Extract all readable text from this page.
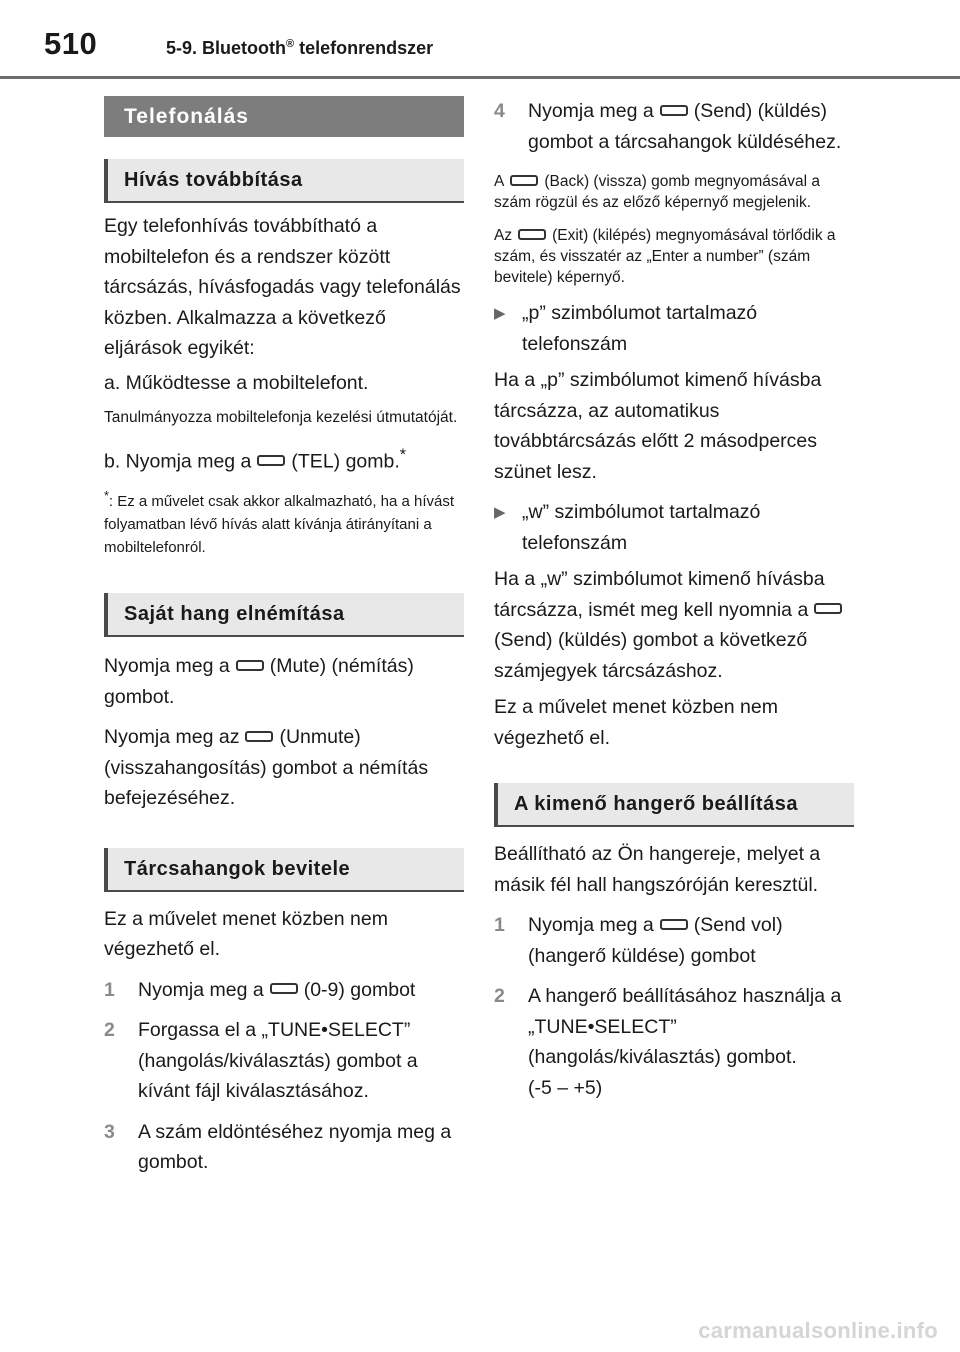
510	5-9. Bluetooth® telefonrendszer
Telefonálás
Hívás továbbítása

Egy telefonhívás továbbítható a mobiltelefon és a rendszer között tárcsázás, hívásfogadás vagy telefonálás közben. Alkalmazza a következő eljárások egyikét:

a. Működtesse a mobiltelefont.

Tanulmányozza mobiltelefonja kezelési útmutatóját.

b. Nyomja meg a (TEL) gomb.*

*: Ez a művelet csak akkor alkalmazható, ha a hívást folyamatban lévő hívás alatt kívánja átirányítani a mobiltelefonról.

Saját hang elnémítása

Nyomja meg a (Mute) (némítás) gombot.

Nyomja meg az (Unmute) (visszahangosítás) gombot a némítás befejezéséhez.

Tárcsahangok bevitele

Ez a művelet menet közben nem végezhető el.

1	Nyomja meg a (0-9) gombot
2	Forgassa el a „TUNE•SELECT” (hangolás/kiválasztás) gombot a kívánt fájl kiválasztásához.
3	A szám eldöntéséhez nyomja meg a gombot.
4	Nyomja meg a (Send) (küldés) gombot a tárcsahangok küldéséhez.

A	(Back) (vissza) gomb megnyomásával a szám rögzül és az előző képernyő megjelenik.

Az	(Exit) (kilépés) megnyomásával törlődik a szám, és visszatér az „Enter a number” (szám bevitele) képernyő.

▶ „p” szimbólumot tartalmazó telefonszám

Ha a „p” szimbólumot kimenő hívásba tárcsázza, az automatikus továbbtárcsázás előtt 2 másodperces szünet lesz.

▶ „w” szimbólumot tartalmazó telefonszám

Ha a „w” szimbólumot kimenő hívásba tárcsázza, ismét meg kell nyomnia a(Send) (küldés) gombot a következő számjegyek tárcsázáshoz.

Ez a művelet menet közben nem végezhető el.

A kimenő hangerő beállítása

Beállítható az Ön hangereje, melyet a másik fél hall hangszóróján keresztül.

1	Nyomja meg a (Send vol) (hangerő küldése) gombot
2	A hangerő beállításához használja a „TUNE•SELECT” (hangolás/kiválasztás) gombot.
(-5 – +5)
carmanualsonline.info
